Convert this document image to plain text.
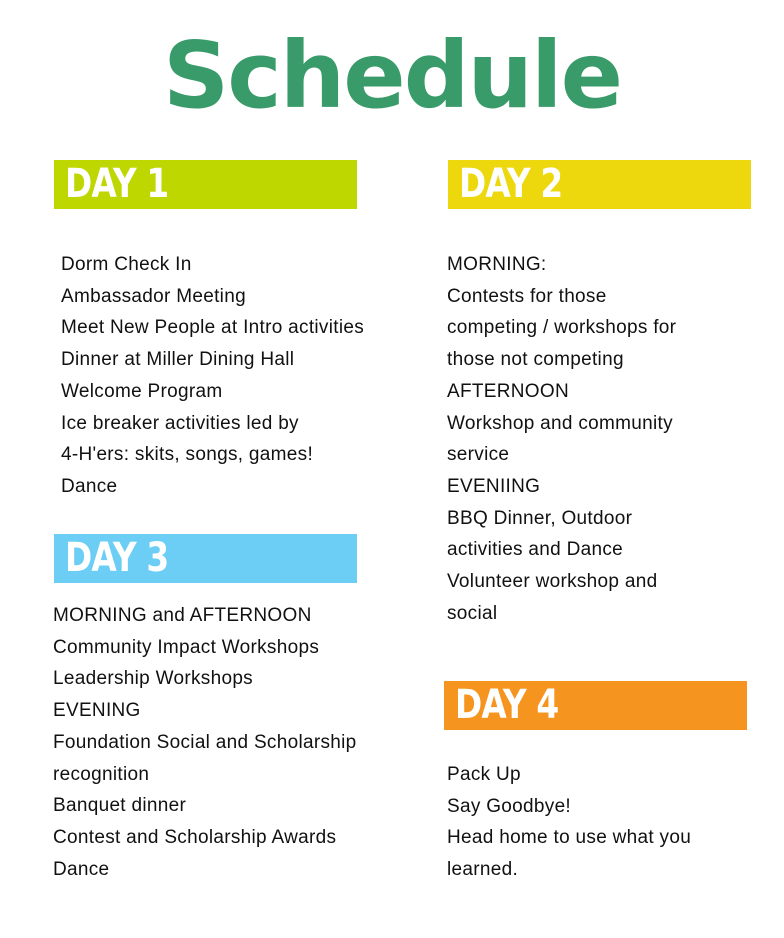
Schedule
DAY 1
Dorm Check In
Ambassador Meeting
Meet New People at Intro activities
Dinner at Miller Dining Hall
Welcome Program
Ice breaker activities led by
4-H'ers: skits, songs, games!
Dance
DAY 2
MORNING:
Contests for those
competing / workshops for
those not competing
AFTERNOON
Workshop and community
service
EVENIING
BBQ Dinner, Outdoor
activities and Dance
Volunteer workshop and
social
DAY 3
MORNING and AFTERNOON
Community Impact Workshops
Leadership Workshops
EVENING
Foundation Social and Scholarship
recognition
Banquet dinner
Contest and Scholarship Awards
Dance
DAY 4
Pack Up
Say Goodbye!
Head home to use what you
learned.
